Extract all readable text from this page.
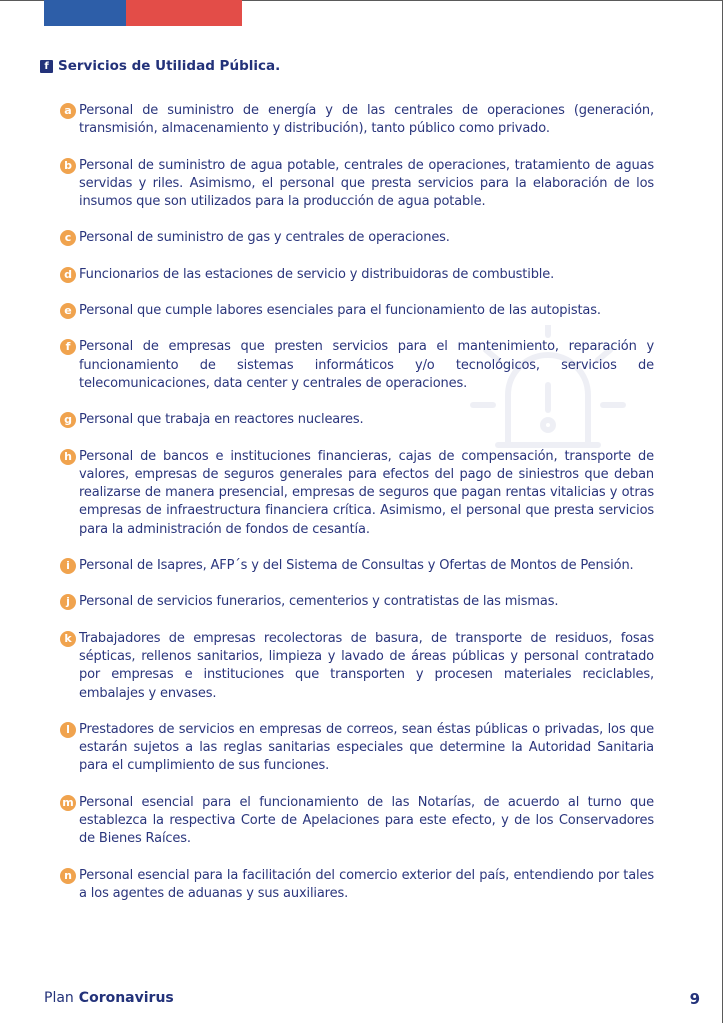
f Servicios de Utilidad Pública.
a Personal de suministro de energía y de las centrales de operaciones (generación, transmisión, almacenamiento y distribución), tanto público como privado.
b Personal de suministro de agua potable, centrales de operaciones, tratamiento de aguas servidas y riles. Asimismo, el personal que presta servicios para la elaboración de los insumos que son utilizados para la producción de agua potable.
c Personal de suministro de gas y centrales de operaciones.
d Funcionarios de las estaciones de servicio y distribuidoras de combustible.
e Personal que cumple labores esenciales para el funcionamiento de las autopistas.
f Personal de empresas que presten servicios para el mantenimiento, reparación y funcionamiento de sistemas informáticos y/o tecnológicos, servicios de telecomunicaciones, data center y centrales de operaciones.
g Personal que trabaja en reactores nucleares.
h Personal de bancos e instituciones financieras, cajas de compensación, transporte de valores, empresas de seguros generales para efectos del pago de siniestros que deban realizarse de manera presencial, empresas de seguros que pagan rentas vitalicias y otras empresas de infraestructura financiera crítica. Asimismo, el personal que presta servicios para la administración de fondos de cesantía.
i Personal de Isapres, AFP´s y del Sistema de Consultas y Ofertas de Montos de Pensión.
j Personal de servicios funerarios, cementerios y contratistas de las mismas.
k Trabajadores de empresas recolectoras de basura, de transporte de residuos, fosas sépticas, rellenos sanitarios, limpieza y lavado de áreas públicas y personal contratado por empresas e instituciones que transporten y procesen materiales reciclables, embalajes y envases.
l Prestadores de servicios en empresas de correos, sean éstas públicas o privadas, los que estarán sujetos a las reglas sanitarias especiales que determine la Autoridad Sanitaria para el cumplimiento de sus funciones.
m Personal esencial para el funcionamiento de las Notarías, de acuerdo al turno que establezca la respectiva Corte de Apelaciones para este efecto, y de los Conservadores de Bienes Raíces.
n Personal esencial para la facilitación del comercio exterior del país, entendiendo por tales a los agentes de aduanas y sus auxiliares.
Plan Coronavirus	9
